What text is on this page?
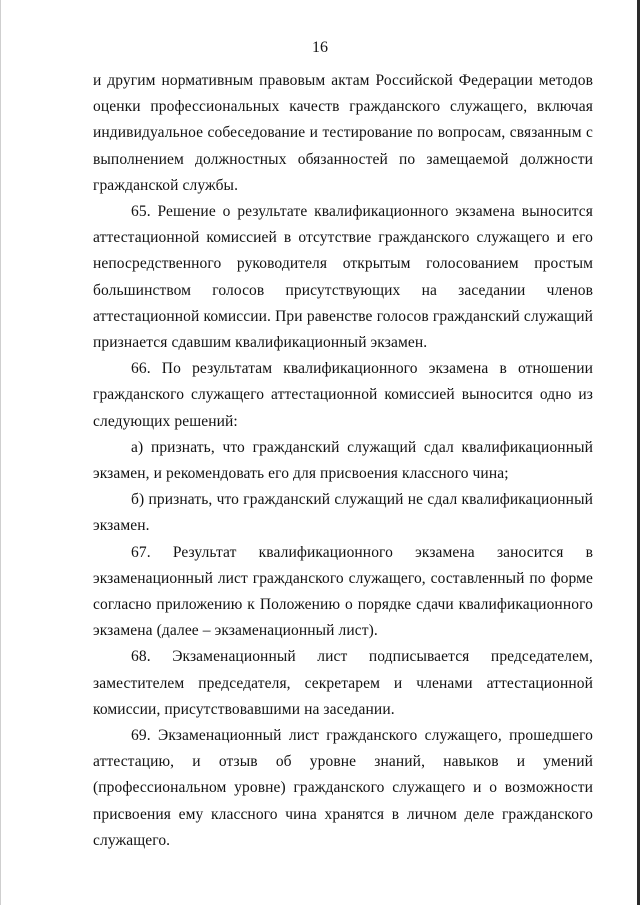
16

и другим нормативным правовым актам Российской Федерации методов оценки профессиональных качеств гражданского служащего, включая индивидуальное собеседование и тестирование по вопросам, связанным с выполнением должностных обязанностей по замещаемой должности гражданской службы.

65. Решение о результате квалификационного экзамена выносится аттестационной комиссией в отсутствие гражданского служащего и его непосредственного руководителя открытым голосованием простым большинством голосов присутствующих на заседании членов аттестационной комиссии. При равенстве голосов гражданский служащий признается сдавшим квалификационный экзамен.

66. По результатам квалификационного экзамена в отношении гражданского служащего аттестационной комиссией выносится одно из следующих решений:

а) признать, что гражданский служащий сдал квалификационный экзамен, и рекомендовать его для присвоения классного чина;

б) признать, что гражданский служащий не сдал квалификационный экзамен.

67. Результат квалификационного экзамена заносится в экзаменационный лист гражданского служащего, составленный по форме согласно приложению к Положению о порядке сдачи квалификационного экзамена (далее – экзаменационный лист).

68. Экзаменационный лист подписывается председателем, заместителем председателя, секретарем и членами аттестационной комиссии, присутствовавшими на заседании.

69. Экзаменационный лист гражданского служащего, прошедшего аттестацию, и отзыв об уровне знаний, навыков и умений (профессиональном уровне) гражданского служащего и о возможности присвоения ему классного чина хранятся в личном деле гражданского служащего.
